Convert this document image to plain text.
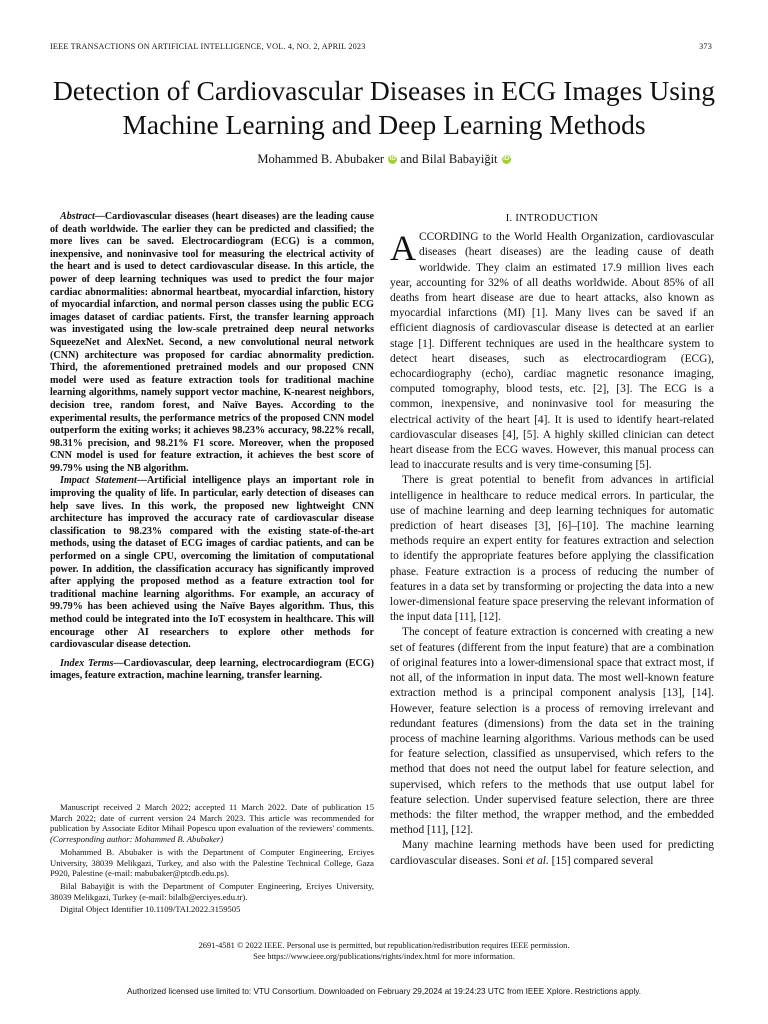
IEEE TRANSACTIONS ON ARTIFICIAL INTELLIGENCE, VOL. 4, NO. 2, APRIL 2023	373
Detection of Cardiovascular Diseases in ECG Images Using Machine Learning and Deep Learning Methods
Mohammed B. Abubaker iD and Bilal Babayiğit iD

Abstract—Cardiovascular diseases (heart diseases) are the leading cause of death worldwide. The earlier they can be predicted and classified; the more lives can be saved. Electrocardiogram (ECG) is a common, inexpensive, and noninvasive tool for measuring the electrical activity of the heart and is used to detect cardiovascular disease. In this article, the power of deep learning techniques was used to predict the four major cardiac abnormalities: abnormal heartbeat, myocardial infarction, history of myocardial infarction, and normal person classes using the public ECG images dataset of cardiac patients. First, the transfer learning approach was investigated using the low-scale pretrained deep neural networks SqueezeNet and AlexNet. Second, a new convolutional neural network (CNN) architecture was proposed for cardiac abnormality prediction. Third, the aforementioned pretrained models and our proposed CNN model were used as feature extraction tools for traditional machine learning algorithms, namely support vector machine, K-nearest neighbors, decision tree, random forest, and Naïve Bayes. According to the experimental results, the performance metrics of the proposed CNN model outperform the exiting works; it achieves 98.23% accuracy, 98.22% recall, 98.31% precision, and 98.21% F1 score. Moreover, when the proposed CNN model is used for feature extraction, it achieves the best score of 99.79% using the NB algorithm.

Impact Statement—Artificial intelligence plays an important role in improving the quality of life. In particular, early detection of diseases can help save lives. In this work, the proposed new lightweight CNN architecture has improved the accuracy rate of cardiovascular disease classification to 98.23% compared with the existing state-of-the-art methods, using the dataset of ECG images of cardiac patients, and can be performed on a single CPU, overcoming the limitation of computational power. In addition, the classification accuracy has significantly improved after applying the proposed method as a feature extraction tool for traditional machine learning algorithms. For example, an accuracy of 99.79% has been achieved using the Naïve Bayes algorithm. Thus, this method could be integrated into the IoT ecosystem in healthcare. This will encourage other AI researchers to explore other methods for cardiovascular disease detection.

Index Terms—Cardiovascular, deep learning, electrocardiogram (ECG) images, feature extraction, machine learning, transfer learning.

Manuscript received 2 March 2022; accepted 11 March 2022. Date of publication 15 March 2022; date of current version 24 March 2023. This article was recommended for publication by Associate Editor Mihail Popescu upon evaluation of the reviewers' comments. (Corresponding author: Mohammed B. Abubaker)

Mohammed B. Abubaker is with the Department of Computer Engineering, Erciyes University, 38039 Melikgazi, Turkey, and also with the Palestine Technical College, Gaza P920, Palestine (e-mail: mabubaker@ptcdb.edu.ps).

Bilal Babayiğit is with the Department of Computer Engineering, Erciyes University, 38039 Melikgazi, Turkey (e-mail: bilalb@erciyes.edu.tr).

Digital Object Identifier 10.1109/TAI.2022.3159505

I. INTRODUCTION

ACCORDING to the World Health Organization, cardiovascular diseases (heart diseases) are the leading cause of death worldwide. They claim an estimated 17.9 million lives each year, accounting for 32% of all deaths worldwide. About 85% of all deaths from heart disease are due to heart attacks, also known as myocardial infarctions (MI) [1]. Many lives can be saved if an efficient diagnosis of cardiovascular disease is detected at an earlier stage [1]. Different techniques are used in the healthcare system to detect heart diseases, such as electrocardiogram (ECG), echocardiography (echo), cardiac magnetic resonance imaging, computed tomography, blood tests, etc. [2], [3]. The ECG is a common, inexpensive, and noninvasive tool for measuring the electrical activity of the heart [4]. It is used to identify heart-related cardiovascular diseases [4], [5]. A highly skilled clinician can detect heart disease from the ECG waves. However, this manual process can lead to inaccurate results and is very time-consuming [5].

There is great potential to benefit from advances in artificial intelligence in healthcare to reduce medical errors. In particular, the use of machine learning and deep learning techniques for automatic prediction of heart diseases [3], [6]–[10]. The machine learning methods require an expert entity for features extraction and selection to identify the appropriate features before applying the classification phase. Feature extraction is a process of reducing the number of features in a data set by transforming or projecting the data into a new lower-dimensional feature space preserving the relevant information of the input data [11], [12].

The concept of feature extraction is concerned with creating a new set of features (different from the input feature) that are a combination of original features into a lower-dimensional space that extract most, if not all, of the information in input data. The most well-known feature extraction method is a principal component analysis [13], [14]. However, feature selection is a process of removing irrelevant and redundant features (dimensions) from the data set in the training process of machine learning algorithms. Various methods can be used for feature selection, classified as unsupervised, which refers to the method that does not need the output label for feature selection, and supervised, which refers to the methods that use output label for feature selection. Under supervised feature selection, there are three methods: the filter method, the wrapper method, and the embedded method [11], [12].

Many machine learning methods have been used for predicting cardiovascular diseases. Soni et al. [15] compared several

2691-4581 © 2022 IEEE. Personal use is permitted, but republication/redistribution requires IEEE permission.
See https://www.ieee.org/publications/rights/index.html for more information.
Authorized licensed use limited to: VTU Consortium. Downloaded on February 29,2024 at 19:24:23 UTC from IEEE Xplore. Restrictions apply.
